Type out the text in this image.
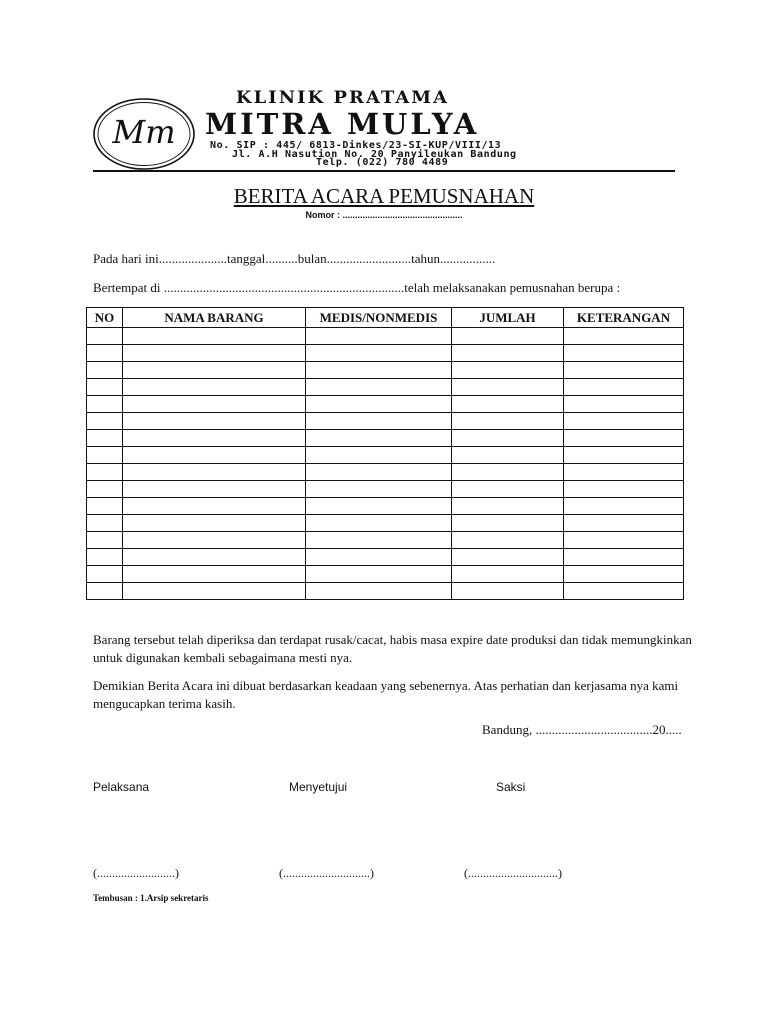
Mm
KLINIK PRATAMA
MITRA MULYA
No. SIP : 445/ 6813-Dinkes/23-SI-KUP/VIII/13
Jl. A.H Nasution No. 20 Panyileukan Bandung
Telp. (022) 780 4489
BERITA ACARA PEMUSNAHAN
Nomor : ................................................
Pada hari ini.....................tanggal..........bulan..........................tahun.................
Bertempat di ..........................................................................telah melaksanakan pemusnahan berupa :
NO	NAMA BARANG	MEDIS/NONMEDIS	JUMLAH	KETERANGAN

Barang tersebut telah diperiksa dan terdapat rusak/cacat, habis masa expire date produksi dan tidak memungkinkan untuk digunakan kembali sebagaimana mesti nya.
Demikian Berita Acara ini dibuat berdasarkan keadaan yang sebenernya. Atas perhatian dan kerjasama nya kami mengucapkan terima kasih.
Bandung, ....................................20.....
Pelaksana	Menyetujui	Saksi
(..........................)	(.............................)	(..............................)
Tembusan : 1.Arsip sekretaris
